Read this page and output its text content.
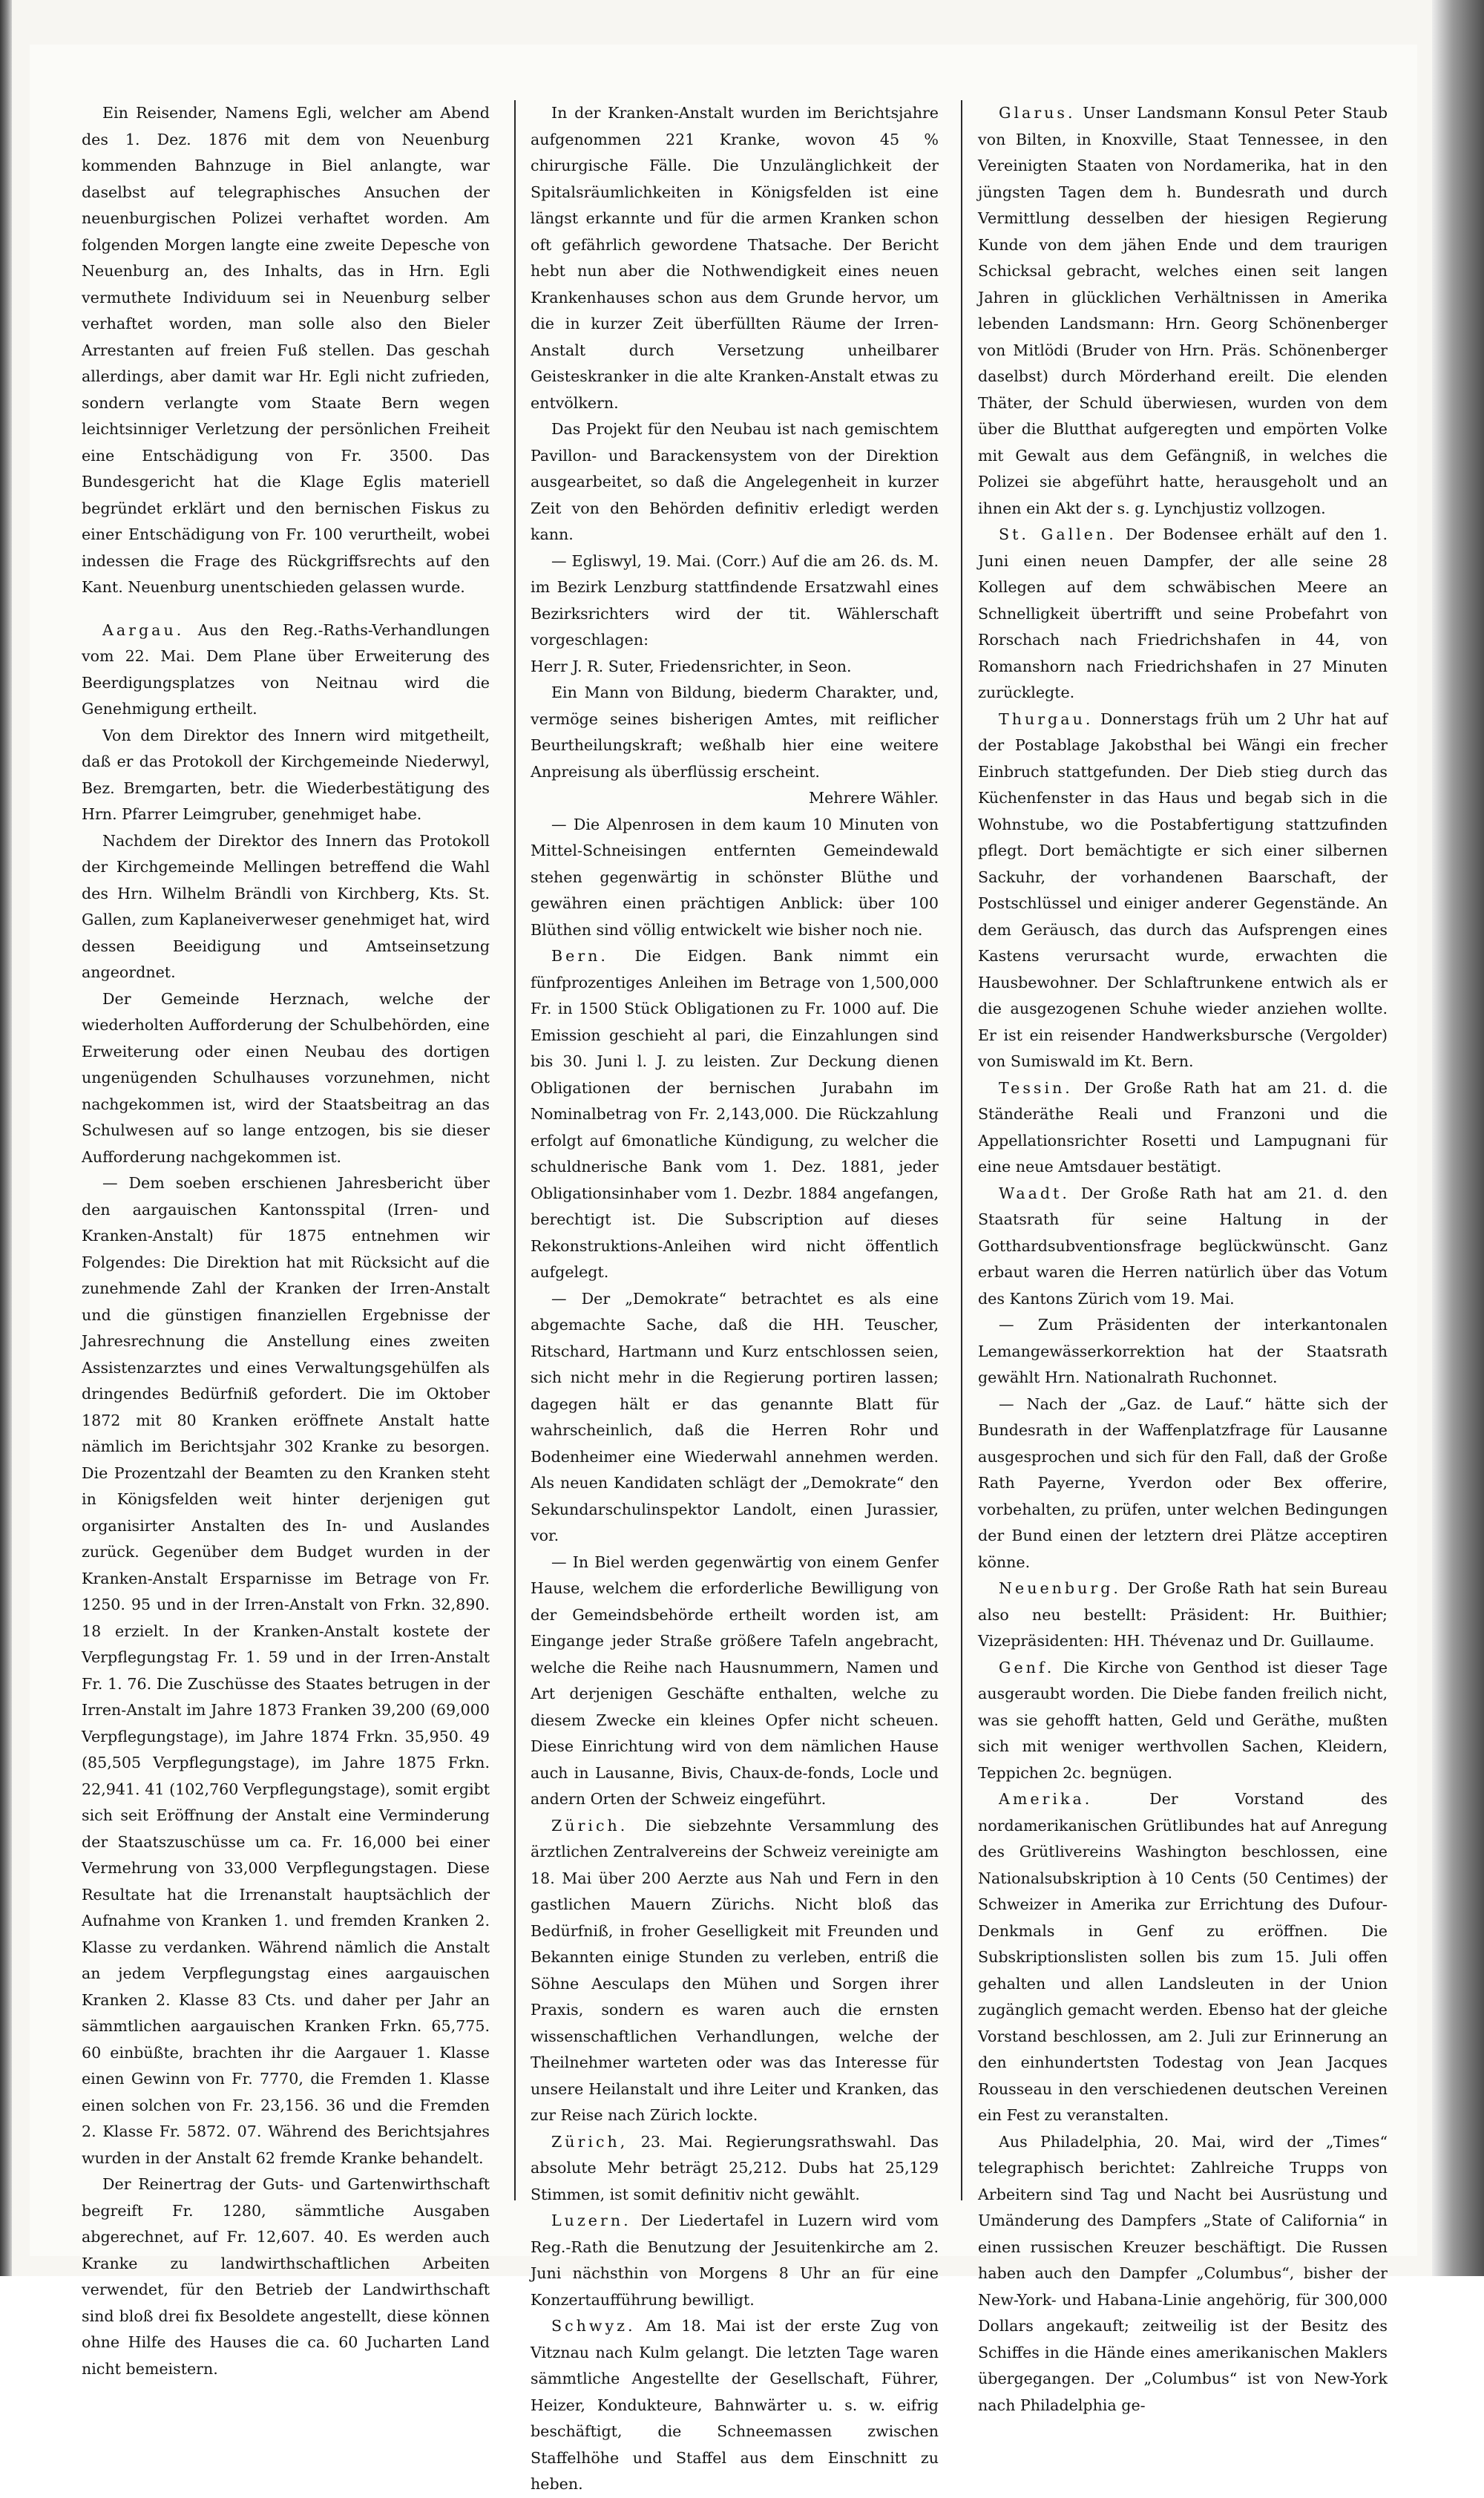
Ein Reisender, Namens Egli, welcher am Abend des 1. Dez. 1876 mit dem von Neuenburg kommenden Bahnzuge in Biel anlangte, war daselbst auf telegraphisches Ansuchen der neuenburgischen Polizei verhaftet worden. Am folgenden Morgen langte eine zweite Depesche von Neuenburg an, des Inhalts, das in Hrn. Egli vermuthete Individuum sei in Neuenburg selber verhaftet worden, man solle also den Bieler Arrestanten auf freien Fuß stellen. Das geschah allerdings, aber damit war Hr. Egli nicht zufrieden, sondern verlangte vom Staate Bern wegen leichtsinniger Verletzung der persönlichen Freiheit eine Entschädigung von Fr. 3500. Das Bundesgericht hat die Klage Eglis materiell begründet erklärt und den bernischen Fiskus zu einer Entschädigung von Fr. 100 verurtheilt, wobei indessen die Frage des Rückgriffsrechts auf den Kant. Neuenburg unentschieden gelassen wurde.

Aargau. Aus den Reg.-Raths-Verhandlungen vom 22. Mai. Dem Plane über Erweiterung des Beerdigungsplatzes von Neitnau wird die Genehmigung ertheilt.

Von dem Direktor des Innern wird mitgetheilt, daß er das Protokoll der Kirchgemeinde Niederwyl, Bez. Bremgarten, betr. die Wiederbestätigung des Hrn. Pfarrer Leimgruber, genehmiget habe.

Nachdem der Direktor des Innern das Protokoll der Kirchgemeinde Mellingen betreffend die Wahl des Hrn. Wilhelm Brändli von Kirchberg, Kts. St. Gallen, zum Kaplaneiverweser genehmiget hat, wird dessen Beeidigung und Amtseinsetzung angeordnet.

Der Gemeinde Herznach, welche der wiederholten Aufforderung der Schulbehörden, eine Erweiterung oder einen Neubau des dortigen ungenügenden Schulhauses vorzunehmen, nicht nachgekommen ist, wird der Staatsbeitrag an das Schulwesen auf so lange entzogen, bis sie dieser Aufforderung nachgekommen ist.

— Dem soeben erschienen Jahresbericht über den aargauischen Kantonsspital (Irren- und Kranken-Anstalt) für 1875 entnehmen wir Folgendes: Die Direktion hat mit Rücksicht auf die zunehmende Zahl der Kranken der Irren-Anstalt und die günstigen finanziellen Ergebnisse der Jahresrechnung die Anstellung eines zweiten Assistenzarztes und eines Verwaltungsgehülfen als dringendes Bedürfniß gefordert. Die im Oktober 1872 mit 80 Kranken eröffnete Anstalt hatte nämlich im Berichtsjahr 302 Kranke zu besorgen. Die Prozentzahl der Beamten zu den Kranken steht in Königsfelden weit hinter derjenigen gut organisirter Anstalten des In- und Auslandes zurück. Gegenüber dem Budget wurden in der Kranken-Anstalt Ersparnisse im Betrage von Fr. 1250. 95 und in der Irren-Anstalt von Frkn. 32,890. 18 erzielt. In der Kranken-Anstalt kostete der Verpflegungstag Fr. 1. 59 und in der Irren-Anstalt Fr. 1. 76. Die Zuschüsse des Staates betrugen in der Irren-Anstalt im Jahre 1873 Franken 39,200 (69,000 Verpflegungstage), im Jahre 1874 Frkn. 35,950. 49 (85,505 Verpflegungstage), im Jahre 1875 Frkn. 22,941. 41 (102,760 Verpflegungstage), somit ergibt sich seit Eröffnung der Anstalt eine Verminderung der Staatszuschüsse um ca. Fr. 16,000 bei einer Vermehrung von 33,000 Verpflegungstagen. Diese Resultate hat die Irrenanstalt hauptsächlich der Aufnahme von Kranken 1. und fremden Kranken 2. Klasse zu verdanken. Während nämlich die Anstalt an jedem Verpflegungstag eines aargauischen Kranken 2. Klasse 83 Cts. und daher per Jahr an sämmtlichen aargauischen Kranken Frkn. 65,775. 60 einbüßte, brachten ihr die Aargauer 1. Klasse einen Gewinn von Fr. 7770, die Fremden 1. Klasse einen solchen von Fr. 23,156. 36 und die Fremden 2. Klasse Fr. 5872. 07. Während des Berichtsjahres wurden in der Anstalt 62 fremde Kranke behandelt.

Der Reinertrag der Guts- und Gartenwirthschaft begreift Fr. 1280, sämmtliche Ausgaben abgerechnet, auf Fr. 12,607. 40. Es werden auch Kranke zu landwirthschaftlichen Arbeiten verwendet, für den Betrieb der Landwirthschaft sind bloß drei fix Besoldete angestellt, diese können ohne Hilfe des Hauses die ca. 60 Jucharten Land nicht bemeistern.

In der Kranken-Anstalt wurden im Berichtsjahre aufgenommen 221 Kranke, wovon 45 % chirurgische Fälle. Die Unzulänglichkeit der Spitalsräumlichkeiten in Königsfelden ist eine längst erkannte und für die armen Kranken schon oft gefährlich gewordene Thatsache. Der Bericht hebt nun aber die Nothwendigkeit eines neuen Krankenhauses schon aus dem Grunde hervor, um die in kurzer Zeit überfüllten Räume der Irren-Anstalt durch Versetzung unheilbarer Geisteskranker in die alte Kranken-Anstalt etwas zu entvölkern.

Das Projekt für den Neubau ist nach gemischtem Pavillon- und Barackensystem von der Direktion ausgearbeitet, so daß die Angelegenheit in kurzer Zeit von den Behörden definitiv erledigt werden kann.

— Egliswyl, 19. Mai. (Corr.) Auf die am 26. ds. M. im Bezirk Lenzburg stattfindende Ersatzwahl eines Bezirksrichters wird der tit. Wählerschaft vorgeschlagen:

Herr J. R. Suter, Friedensrichter, in Seon.

Ein Mann von Bildung, biederm Charakter, und, vermöge seines bisherigen Amtes, mit reiflicher Beurtheilungskraft; weßhalb hier eine weitere Anpreisung als überflüssig erscheint.

Mehrere Wähler.

— Die Alpenrosen in dem kaum 10 Minuten von Mittel-Schneisingen entfernten Gemeindewald stehen gegenwärtig in schönster Blüthe und gewähren einen prächtigen Anblick: über 100 Blüthen sind völlig entwickelt wie bisher noch nie.

Bern. Die Eidgen. Bank nimmt ein fünfprozentiges Anleihen im Betrage von 1,500,000 Fr. in 1500 Stück Obligationen zu Fr. 1000 auf. Die Emission geschieht al pari, die Einzahlungen sind bis 30. Juni l. J. zu leisten. Zur Deckung dienen Obligationen der bernischen Jurabahn im Nominalbetrag von Fr. 2,143,000. Die Rückzahlung erfolgt auf 6monatliche Kündigung, zu welcher die schuldnerische Bank vom 1. Dez. 1881, jeder Obligationsinhaber vom 1. Dezbr. 1884 angefangen, berechtigt ist. Die Subscription auf dieses Rekonstruktions-Anleihen wird nicht öffentlich aufgelegt.

— Der „Demokrate“ betrachtet es als eine abgemachte Sache, daß die HH. Teuscher, Ritschard, Hartmann und Kurz entschlossen seien, sich nicht mehr in die Regierung portiren lassen; dagegen hält er das genannte Blatt für wahrscheinlich, daß die Herren Rohr und Bodenheimer eine Wiederwahl annehmen werden. Als neuen Kandidaten schlägt der „Demokrate“ den Sekundarschulinspektor Landolt, einen Jurassier, vor.

— In Biel werden gegenwärtig von einem Genfer Hause, welchem die erforderliche Bewilligung von der Gemeindsbehörde ertheilt worden ist, am Eingange jeder Straße größere Tafeln angebracht, welche die Reihe nach Hausnummern, Namen und Art derjenigen Geschäfte enthalten, welche zu diesem Zwecke ein kleines Opfer nicht scheuen. Diese Einrichtung wird von dem nämlichen Hause auch in Lausanne, Bivis, Chaux-de-fonds, Locle und andern Orten der Schweiz eingeführt.

Zürich. Die siebzehnte Versammlung des ärztlichen Zentralvereins der Schweiz vereinigte am 18. Mai über 200 Aerzte aus Nah und Fern in den gastlichen Mauern Zürichs. Nicht bloß das Bedürfniß, in froher Geselligkeit mit Freunden und Bekannten einige Stunden zu verleben, entriß die Söhne Aesculaps den Mühen und Sorgen ihrer Praxis, sondern es waren auch die ernsten wissenschaftlichen Verhandlungen, welche der Theilnehmer warteten oder was das Interesse für unsere Heilanstalt und ihre Leiter und Kranken, das zur Reise nach Zürich lockte.

Zürich, 23. Mai. Regierungsrathswahl. Das absolute Mehr beträgt 25,212. Dubs hat 25,129 Stimmen, ist somit definitiv nicht gewählt.

Luzern. Der Liedertafel in Luzern wird vom Reg.-Rath die Benutzung der Jesuitenkirche am 2. Juni nächsthin von Morgens 8 Uhr an für eine Konzertaufführung bewilligt.

Schwyz. Am 18. Mai ist der erste Zug von Vitznau nach Kulm gelangt. Die letzten Tage waren sämmtliche Angestellte der Gesellschaft, Führer, Heizer, Kondukteure, Bahnwärter u. s. w. eifrig beschäftigt, die Schneemassen zwischen Staffelhöhe und Staffel aus dem Einschnitt zu heben.

Glarus. Unser Landsmann Konsul Peter Staub von Bilten, in Knoxville, Staat Tennessee, in den Vereinigten Staaten von Nordamerika, hat in den jüngsten Tagen dem h. Bundesrath und durch Vermittlung desselben der hiesigen Regierung Kunde von dem jähen Ende und dem traurigen Schicksal gebracht, welches einen seit langen Jahren in glücklichen Verhältnissen in Amerika lebenden Landsmann: Hrn. Georg Schönenberger von Mitlödi (Bruder von Hrn. Präs. Schönenberger daselbst) durch Mörderhand ereilt. Die elenden Thäter, der Schuld überwiesen, wurden von dem über die Blutthat aufgeregten und empörten Volke mit Gewalt aus dem Gefängniß, in welches die Polizei sie abgeführt hatte, herausgeholt und an ihnen ein Akt der s. g. Lynchjustiz vollzogen.

St. Gallen. Der Bodensee erhält auf den 1. Juni einen neuen Dampfer, der alle seine 28 Kollegen auf dem schwäbischen Meere an Schnelligkeit übertrifft und seine Probefahrt von Rorschach nach Friedrichshafen in 44, von Romanshorn nach Friedrichshafen in 27 Minuten zurücklegte.

Thurgau. Donnerstags früh um 2 Uhr hat auf der Postablage Jakobsthal bei Wängi ein frecher Einbruch stattgefunden. Der Dieb stieg durch das Küchenfenster in das Haus und begab sich in die Wohnstube, wo die Postabfertigung stattzufinden pflegt. Dort bemächtigte er sich einer silbernen Sackuhr, der vorhandenen Baarschaft, der Postschlüssel und einiger anderer Gegenstände. An dem Geräusch, das durch das Aufsprengen eines Kastens verursacht wurde, erwachten die Hausbewohner. Der Schlaftrunkene entwich als er die ausgezogenen Schuhe wieder anziehen wollte. Er ist ein reisender Handwerksbursche (Vergolder) von Sumiswald im Kt. Bern.

Tessin. Der Große Rath hat am 21. d. die Ständeräthe Reali und Franzoni und die Appellationsrichter Rosetti und Lampugnani für eine neue Amtsdauer bestätigt.

Waadt. Der Große Rath hat am 21. d. den Staatsrath für seine Haltung in der Gotthardsubventionsfrage beglückwünscht. Ganz erbaut waren die Herren natürlich über das Votum des Kantons Zürich vom 19. Mai.

— Zum Präsidenten der interkantonalen Lemangewässerkorrektion hat der Staatsrath gewählt Hrn. Nationalrath Ruchonnet.

— Nach der „Gaz. de Lauf.“ hätte sich der Bundesrath in der Waffenplatzfrage für Lausanne ausgesprochen und sich für den Fall, daß der Große Rath Payerne, Yverdon oder Bex offerire, vorbehalten, zu prüfen, unter welchen Bedingungen der Bund einen der letztern drei Plätze acceptiren könne.

Neuenburg. Der Große Rath hat sein Bureau also neu bestellt: Präsident: Hr. Buithier; Vizepräsidenten: HH. Thévenaz und Dr. Guillaume.

Genf. Die Kirche von Genthod ist dieser Tage ausgeraubt worden. Die Diebe fanden freilich nicht, was sie gehofft hatten, Geld und Geräthe, mußten sich mit weniger werthvollen Sachen, Kleidern, Teppichen 2c. begnügen.

Amerika.	Der Vorstand des nordamerikanischen Grütlibundes hat auf Anregung des Grütlivereins Washington beschlossen, eine Nationalsubskription à 10 Cents (50 Centimes) der Schweizer in Amerika zur Errichtung des Dufour-Denkmals in Genf zu eröffnen. Die Subskriptionslisten sollen bis zum 15. Juli offen gehalten und allen Landsleuten in der Union zugänglich gemacht werden. Ebenso hat der gleiche Vorstand beschlossen, am 2. Juli zur Erinnerung an den einhundertsten Todestag von Jean Jacques Rousseau in den verschiedenen deutschen Vereinen ein Fest zu veranstalten.

Aus Philadelphia, 20. Mai, wird der „Times“ telegraphisch berichtet: Zahlreiche Trupps von Arbeitern sind Tag und Nacht bei Ausrüstung und Umänderung des Dampfers „State of California“ in einen russischen Kreuzer beschäftigt. Die Russen haben auch den Dampfer „Columbus“, bisher der New-York- und Habana-Linie angehörig, für 300,000 Dollars angekauft; zeitweilig ist der Besitz des Schiffes in die Hände eines amerikanischen Maklers übergegangen. Der „Columbus“ ist von New-York nach Philadelphia ge-
